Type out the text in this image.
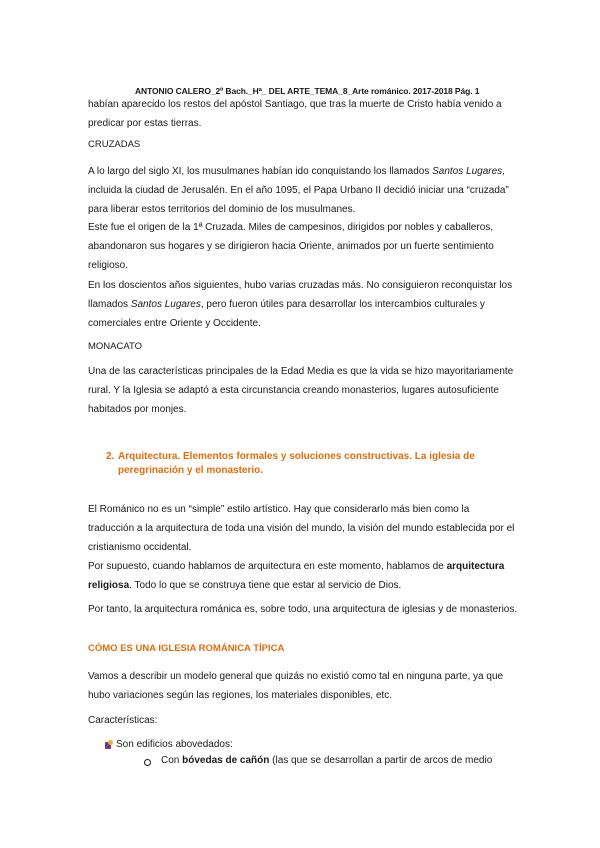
ANTONIO CALERO_2º Bach._Hª_ DEL ARTE_TEMA_8_Arte románico. 2017-2018 Pág. 1

habían aparecido los restos del apóstol Santiago, que tras la muerte de Cristo había venido a predicar por estas tierras.

CRUZADAS

A lo largo del siglo XI, los musulmanes habían ido conquistando los llamados Santos Lugares, incluida la ciudad de Jerusalén. En el año 1095, el Papa Urbano II decidió iniciar una “cruzada” para liberar estos territorios del dominio de los musulmanes.

Este fue el origen de la 1ª Cruzada. Miles de campesinos, dirigidos por nobles y caballeros, abandonaron sus hogares y se dirigieron hacia Oriente, animados por un fuerte sentimiento religioso.

En los doscientos años siguientes, hubo varias cruzadas más. No consiguieron reconquistar los llamados Santos Lugares, pero fueron útiles para desarrollar los intercambios culturales y comerciales entre Oriente y Occidente.

MONACATO

Una de las características principales de la Edad Media es que la vida se hizo mayoritariamente rural. Y la Iglesia se adaptó a esta circunstancia creando monasterios, lugares autosuficiente habitados por monjes.

2. Arquitectura. Elementos formales y soluciones constructivas. La iglesia de
peregrinación y el monasterio.

El Románico no es un “simple” estilo artístico. Hay que considerarlo más bien como la traducción a la arquitectura de toda una visión del mundo, la visión del mundo establecida por el cristianismo occidental.

Por supuesto, cuando hablamos de arquitectura en este momento, hablamos de arquitectura religiosa. Todo lo que se construya tiene que estar al servicio de Dios.

Por tanto, la arquitectura románica es, sobre todo, una arquitectura de iglesias y de monasterios.

CÓMO ES UNA IGLESIA ROMÁNICA TÍPICA

Vamos a describir un modelo general que quizás no existió como tal en ninguna parte, ya que hubo variaciones según las regiones, los materiales disponibles, etc.

Características:

Son edificios abovedados:
Con bóvedas de cañón (las que se desarrollan a partir de arcos de medio
